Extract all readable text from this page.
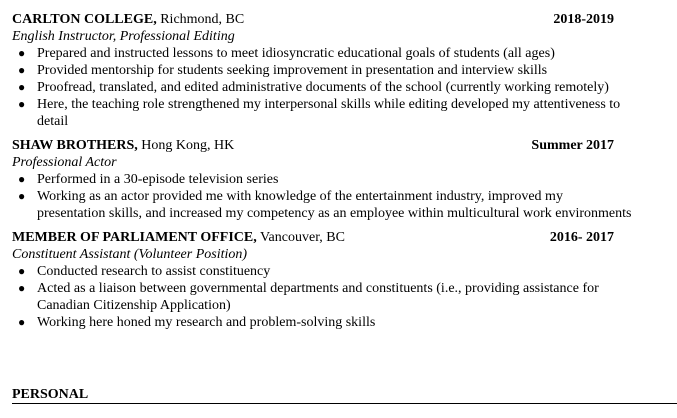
CARLTON COLLEGE, Richmond, BC	2018-2019
English Instructor, Professional Editing
● Prepared and instructed lessons to meet idiosyncratic educational goals of students (all ages)
● Provided mentorship for students seeking improvement in presentation and interview skills
● Proofread, translated, and edited administrative documents of the school (currently working remotely)
● Here, the teaching role strengthened my interpersonal skills while editing developed my attentiveness to detail
SHAW BROTHERS, Hong Kong, HK	Summer 2017
Professional Actor
● Performed in a 30-episode television series
● Working as an actor provided me with knowledge of the entertainment industry, improved my presentation skills, and increased my competency as an employee within multicultural work environments
MEMBER OF PARLIAMENT OFFICE, Vancouver, BC	2016- 2017
Constituent Assistant (Volunteer Position)
● Conducted research to assist constituency
● Acted as a liaison between governmental departments and constituents (i.e., providing assistance for Canadian Citizenship Application)
● Working here honed my research and problem-solving skills
PERSONAL
